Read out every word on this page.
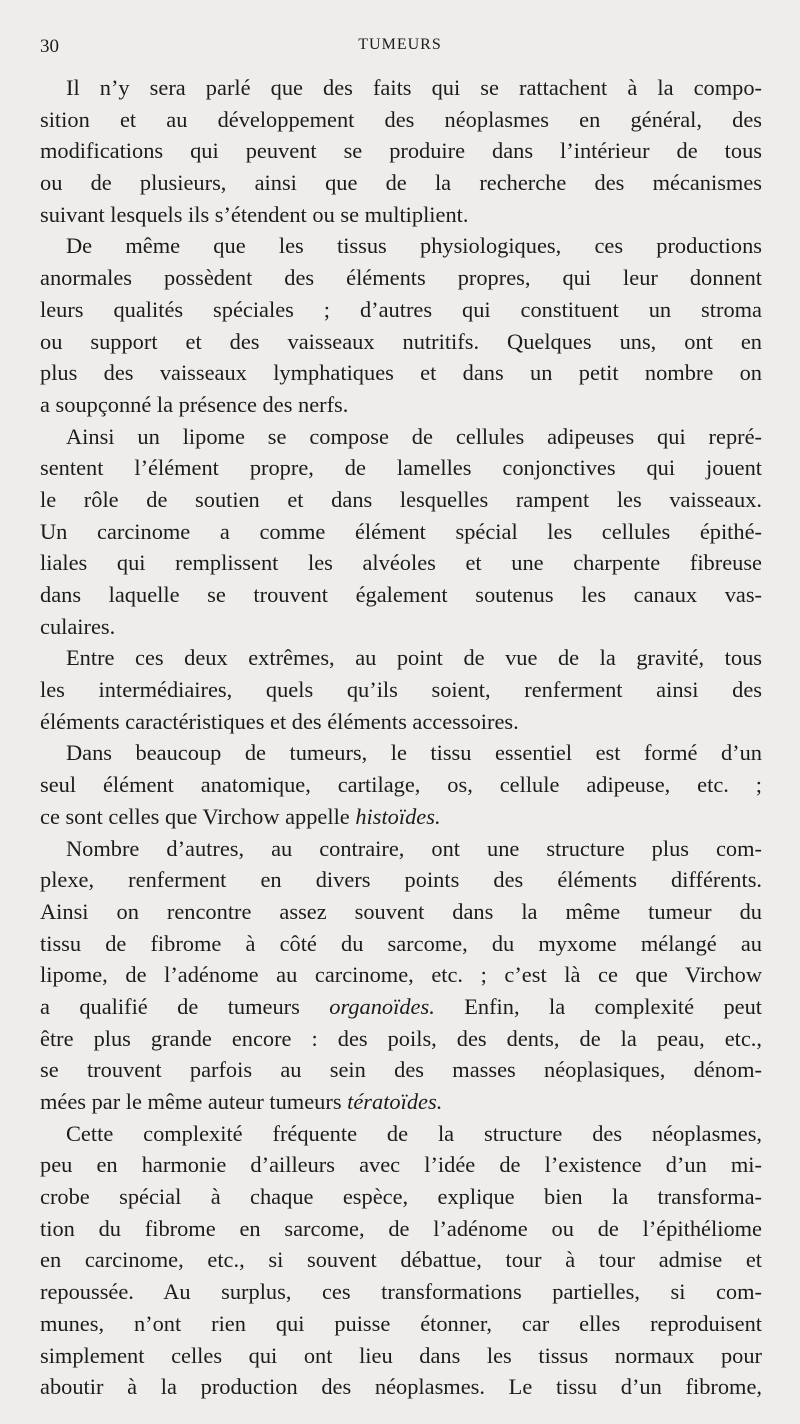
30	TUMEURS
Il n’y sera parlé que des faits qui se rattachent à la compo-
sition et au développement des néoplasmes en général, des
modifications qui peuvent se produire dans l’intérieur de tous
ou de plusieurs, ainsi que de la recherche des mécanismes
suivant lesquels ils s’étendent ou se multiplient.
De même que les tissus physiologiques, ces productions
anormales possèdent des éléments propres, qui leur donnent
leurs qualités spéciales ; d’autres qui constituent un stroma
ou support et des vaisseaux nutritifs. Quelques uns, ont en
plus des vaisseaux lymphatiques et dans un petit nombre on
a soupçonné la présence des nerfs.
Ainsi un lipome se compose de cellules adipeuses qui repré-
sentent l’élément propre, de lamelles conjonctives qui jouent
le rôle de soutien et dans lesquelles rampent les vaisseaux.
Un carcinome a comme élément spécial les cellules épithé-
liales qui remplissent les alvéoles et une charpente fibreuse
dans laquelle se trouvent également soutenus les canaux vas-
culaires.
Entre ces deux extrêmes, au point de vue de la gravité, tous
les intermédiaires, quels qu’ils soient, renferment ainsi des
éléments caractéristiques et des éléments accessoires.
Dans beaucoup de tumeurs, le tissu essentiel est formé d’un
seul élément anatomique, cartilage, os, cellule adipeuse, etc. ;
ce sont celles que Virchow appelle histoïdes.
Nombre d’autres, au contraire, ont une structure plus com-
plexe, renferment en divers points des éléments différents.
Ainsi on rencontre assez souvent dans la même tumeur du
tissu de fibrome à côté du sarcome, du myxome mélangé au
lipome, de l’adénome au carcinome, etc. ; c’est là ce que Virchow
a qualifié de tumeurs organoïdes. Enfin, la complexité peut
être plus grande encore : des poils, des dents, de la peau, etc.,
se trouvent parfois au sein des masses néoplasiques, dénom-
mées par le même auteur tumeurs tératoïdes.
Cette complexité fréquente de la structure des néoplasmes,
peu en harmonie d’ailleurs avec l’idée de l’existence d’un mi-
crobe spécial à chaque espèce, explique bien la transforma-
tion du fibrome en sarcome, de l’adénome ou de l’épithéliome
en carcinome, etc., si souvent débattue, tour à tour admise et
repoussée. Au surplus, ces transformations partielles, si com-
munes, n’ont rien qui puisse étonner, car elles reproduisent
simplement celles qui ont lieu dans les tissus normaux pour
aboutir à la production des néoplasmes. Le tissu d’un fibrome,
